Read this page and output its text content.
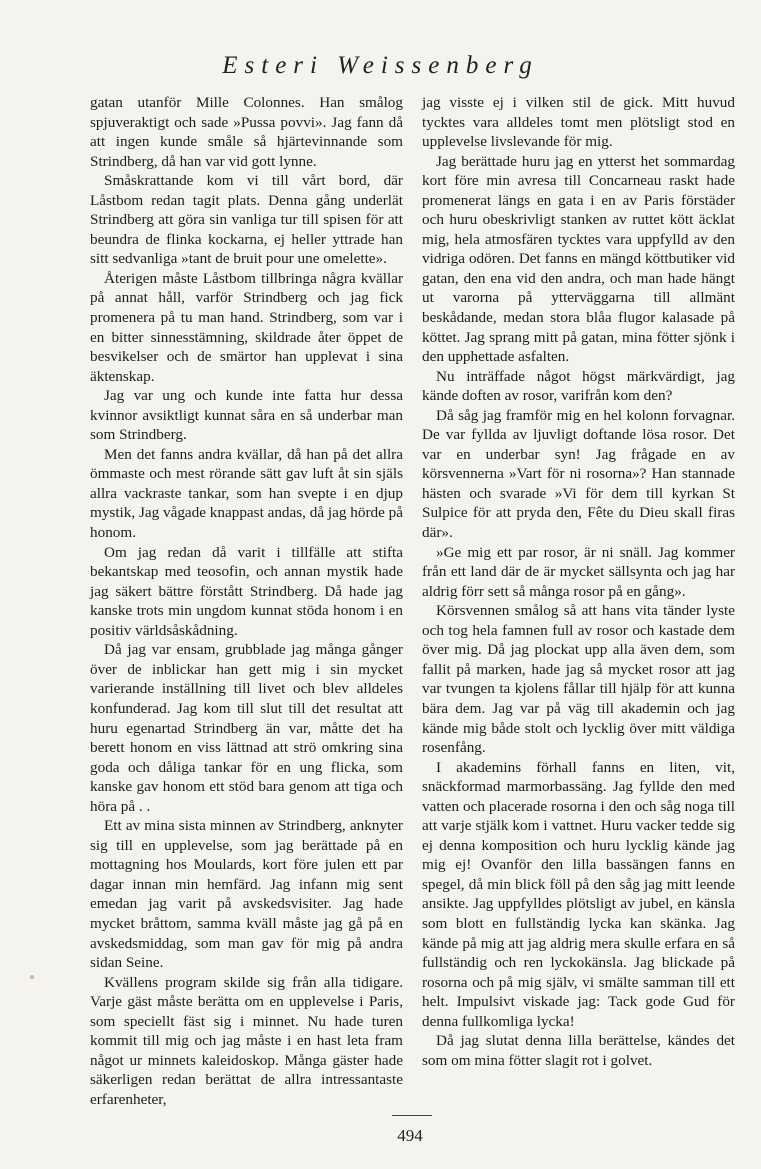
Esteri Weissenberg

gatan utanför Mille Colonnes. Han smålog spjuveraktigt och sade »Pussa povvi». Jag fann då att ingen kunde småle så hjärtevinnande som Strindberg, då han var vid gott lynne.

Småskrattande kom vi till vårt bord, där Låstbom redan tagit plats. Denna gång underlät Strindberg att göra sin vanliga tur till spisen för att beundra de flinka kockarna, ej heller yttrade han sitt sedvanliga »tant de bruit pour une omelette».

Återigen måste Låstbom tillbringa några kvällar på annat håll, varför Strindberg och jag fick promenera på tu man hand. Strindberg, som var i en bitter sinnesstämning, skildrade åter öppet de besvikelser och de smärtor han upplevat i sina äktenskap.

Jag var ung och kunde inte fatta hur dessa kvinnor avsiktligt kunnat såra en så underbar man som Strindberg.

Men det fanns andra kvällar, då han på det allra ömmaste och mest rörande sätt gav luft åt sin själs allra vackraste tankar, som han svepte i en djup mystik, Jag vågade knappast andas, då jag hörde på honom.

Om jag redan då varit i tillfälle att stifta bekantskap med teosofin, och annan mystik hade jag säkert bättre förstått Strindberg. Då hade jag kanske trots min ungdom kunnat stöda honom i en positiv världsåskådning.

Då jag var ensam, grubblade jag många gånger över de inblickar han gett mig i sin mycket varierande inställning till livet och blev alldeles konfunderad. Jag kom till slut till det resultat att huru egenartad Strindberg än var, måtte det ha berett honom en viss lättnad att strö omkring sina goda och dåliga tankar för en ung flicka, som kanske gav honom ett stöd bara genom att tiga och höra på . .

Ett av mina sista minnen av Strindberg, anknyter sig till en upplevelse, som jag berättade på en mottagning hos Moulards, kort före julen ett par dagar innan min hemfärd. Jag infann mig sent emedan jag varit på avskedsvisiter. Jag hade mycket bråttom, samma kväll måste jag gå på en avskedsmiddag, som man gav för mig på andra sidan Seine.

Kvällens program skilde sig från alla tidigare. Varje gäst måste berätta om en upplevelse i Paris, som speciellt fäst sig i minnet. Nu hade turen kommit till mig och jag måste i en hast leta fram något ur minnets kaleidoskop. Många gäster hade säkerligen redan berättat de allra intressantaste erfarenheter,

jag visste ej i vilken stil de gick. Mitt huvud tycktes vara alldeles tomt men plötsligt stod en upplevelse livslevande för mig.

Jag berättade huru jag en ytterst het sommardag kort före min avresa till Concarneau raskt hade promenerat längs en gata i en av Paris förstäder och huru obeskrivligt stanken av ruttet kött äcklat mig, hela atmosfären tycktes vara uppfylld av den vidriga odören. Det fanns en mängd köttbutiker vid gatan, den ena vid den andra, och man hade hängt ut varorna på ytterväggarna till allmänt beskådande, medan stora blåa flugor kalasade på köttet. Jag sprang mitt på gatan, mina fötter sjönk i den upphettade asfalten.

Nu inträffade något högst märkvärdigt, jag kände doften av rosor, varifrån kom den?

Då såg jag framför mig en hel kolonn forvagnar. De var fyllda av ljuvligt doftande lösa rosor. Det var en underbar syn! Jag frågade en av körsvennerna »Vart för ni rosorna»? Han stannade hästen och svarade »Vi för dem till kyrkan St Sulpice för att pryda den, Fête du Dieu skall firas där».

»Ge mig ett par rosor, är ni snäll. Jag kommer från ett land där de är mycket sällsynta och jag har aldrig förr sett så många rosor på en gång».

Körsvennen smålog så att hans vita tänder lyste och tog hela famnen full av rosor och kastade dem över mig. Då jag plockat upp alla även dem, som fallit på marken, hade jag så mycket rosor att jag var tvungen ta kjolens fållar till hjälp för att kunna bära dem. Jag var på väg till akademin och jag kände mig både stolt och lycklig över mitt väldiga rosenfång.

I akademins förhall fanns en liten, vit, snäckformad marmorbassäng. Jag fyllde den med vatten och placerade rosorna i den och såg noga till att varje stjälk kom i vattnet. Huru vacker tedde sig ej denna komposition och huru lycklig kände jag mig ej! Ovanför den lilla bassängen fanns en spegel, då min blick föll på den såg jag mitt leende ansikte. Jag uppfylldes plötsligt av jubel, en känsla som blott en fullständig lycka kan skänka. Jag kände på mig att jag aldrig mera skulle erfara en så fullständig och ren lyckokänsla. Jag blickade på rosorna och på mig själv, vi smälte samman till ett helt. Impulsivt viskade jag: Tack gode Gud för denna fullkomliga lycka!

Då jag slutat denna lilla berättelse, kändes det som om mina fötter slagit rot i golvet.

494
